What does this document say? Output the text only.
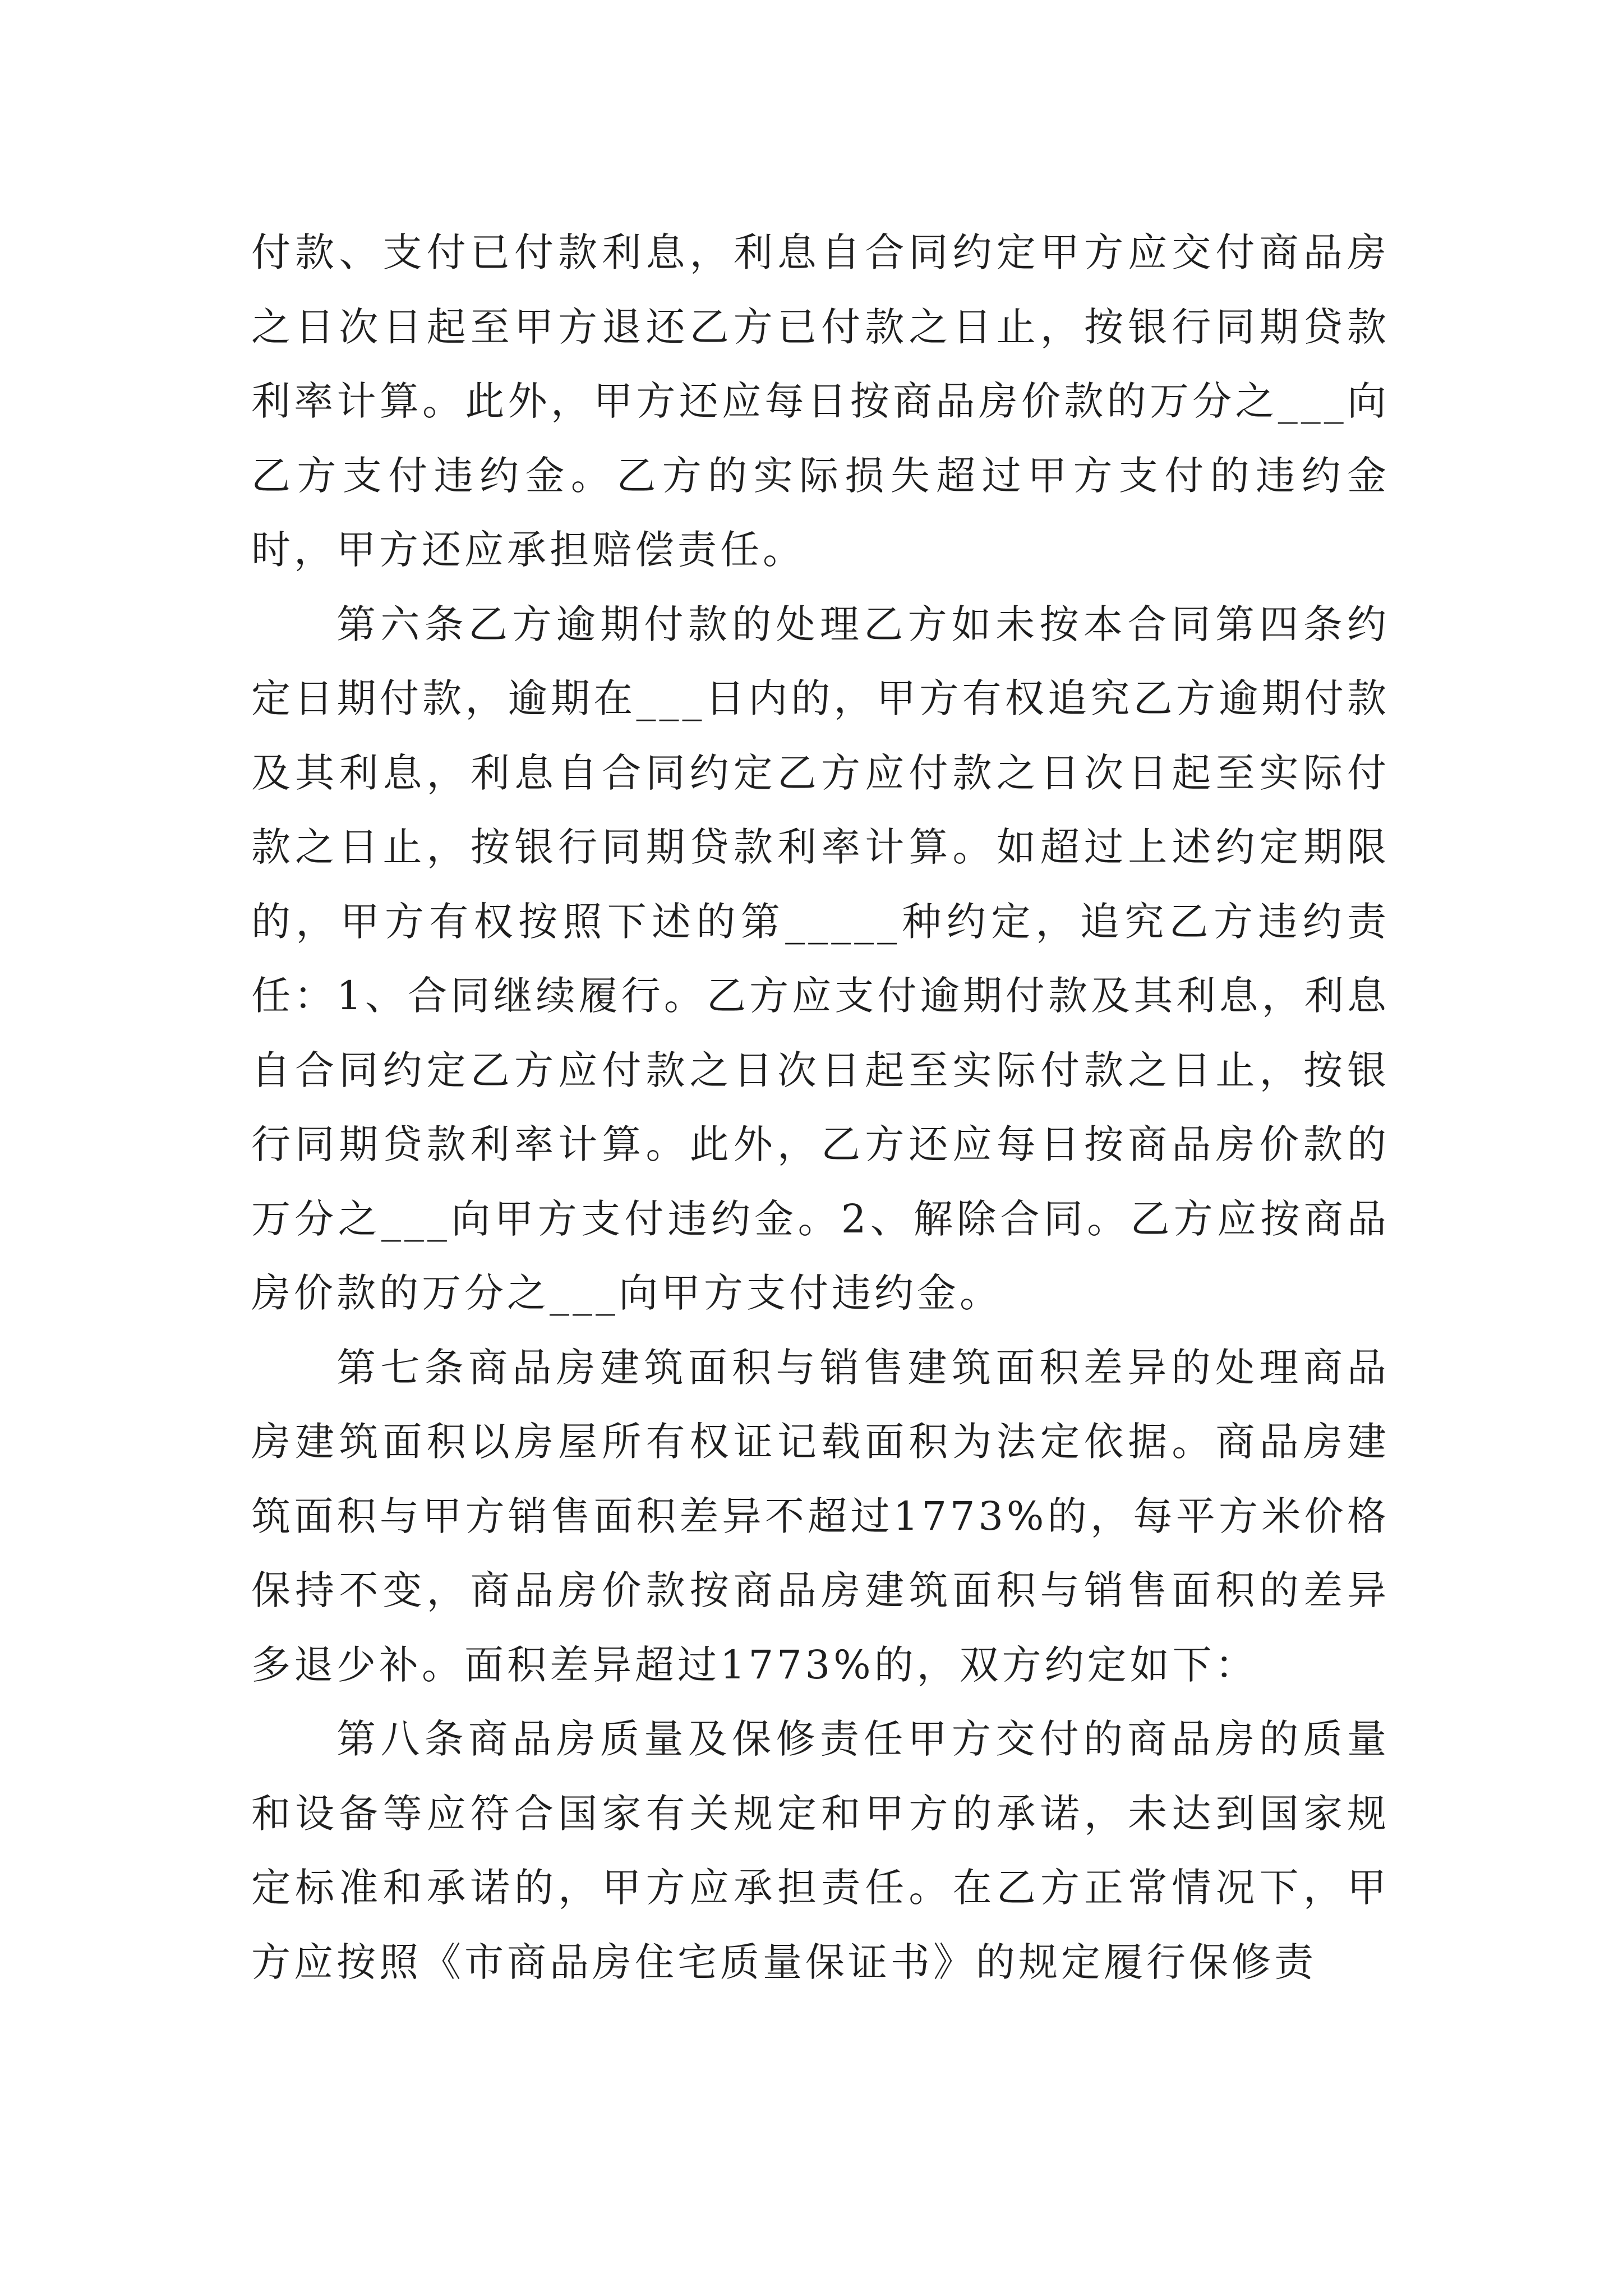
付款、支付已付款利息，利息自合同约定甲方应交付商品房之日次日起至甲方退还乙方已付款之日止，按银行同期贷款利率计算。此外，甲方还应每日按商品房价款的万分之___向乙方支付违约金。乙方的实际损失超过甲方支付的违约金时，甲方还应承担赔偿责任。

第六条乙方逾期付款的处理乙方如未按本合同第四条约定日期付款，逾期在___日内的，甲方有权追究乙方逾期付款及其利息，利息自合同约定乙方应付款之日次日起至实际付款之日止，按银行同期贷款利率计算。如超过上述约定期限的，甲方有权按照下述的第_____种约定，追究乙方违约责任：1、合同继续履行。乙方应支付逾期付款及其利息，利息自合同约定乙方应付款之日次日起至实际付款之日止，按银行同期贷款利率计算。此外，乙方还应每日按商品房价款的万分之___向甲方支付违约金。2、解除合同。乙方应按商品房价款的万分之___向甲方支付违约金。

第七条商品房建筑面积与销售建筑面积差异的处理商品房建筑面积以房屋所有权证记载面积为法定依据。商品房建筑面积与甲方销售面积差异不超过1773%的，每平方米价格保持不变，商品房价款按商品房建筑面积与销售面积的差异多退少补。面积差异超过1773%的，双方约定如下：

第八条商品房质量及保修责任甲方交付的商品房的质量和设备等应符合国家有关规定和甲方的承诺，未达到国家规定标准和承诺的，甲方应承担责任。在乙方正常情况下，甲方应按照《市商品房住宅质量保证书》的规定履行保修责
